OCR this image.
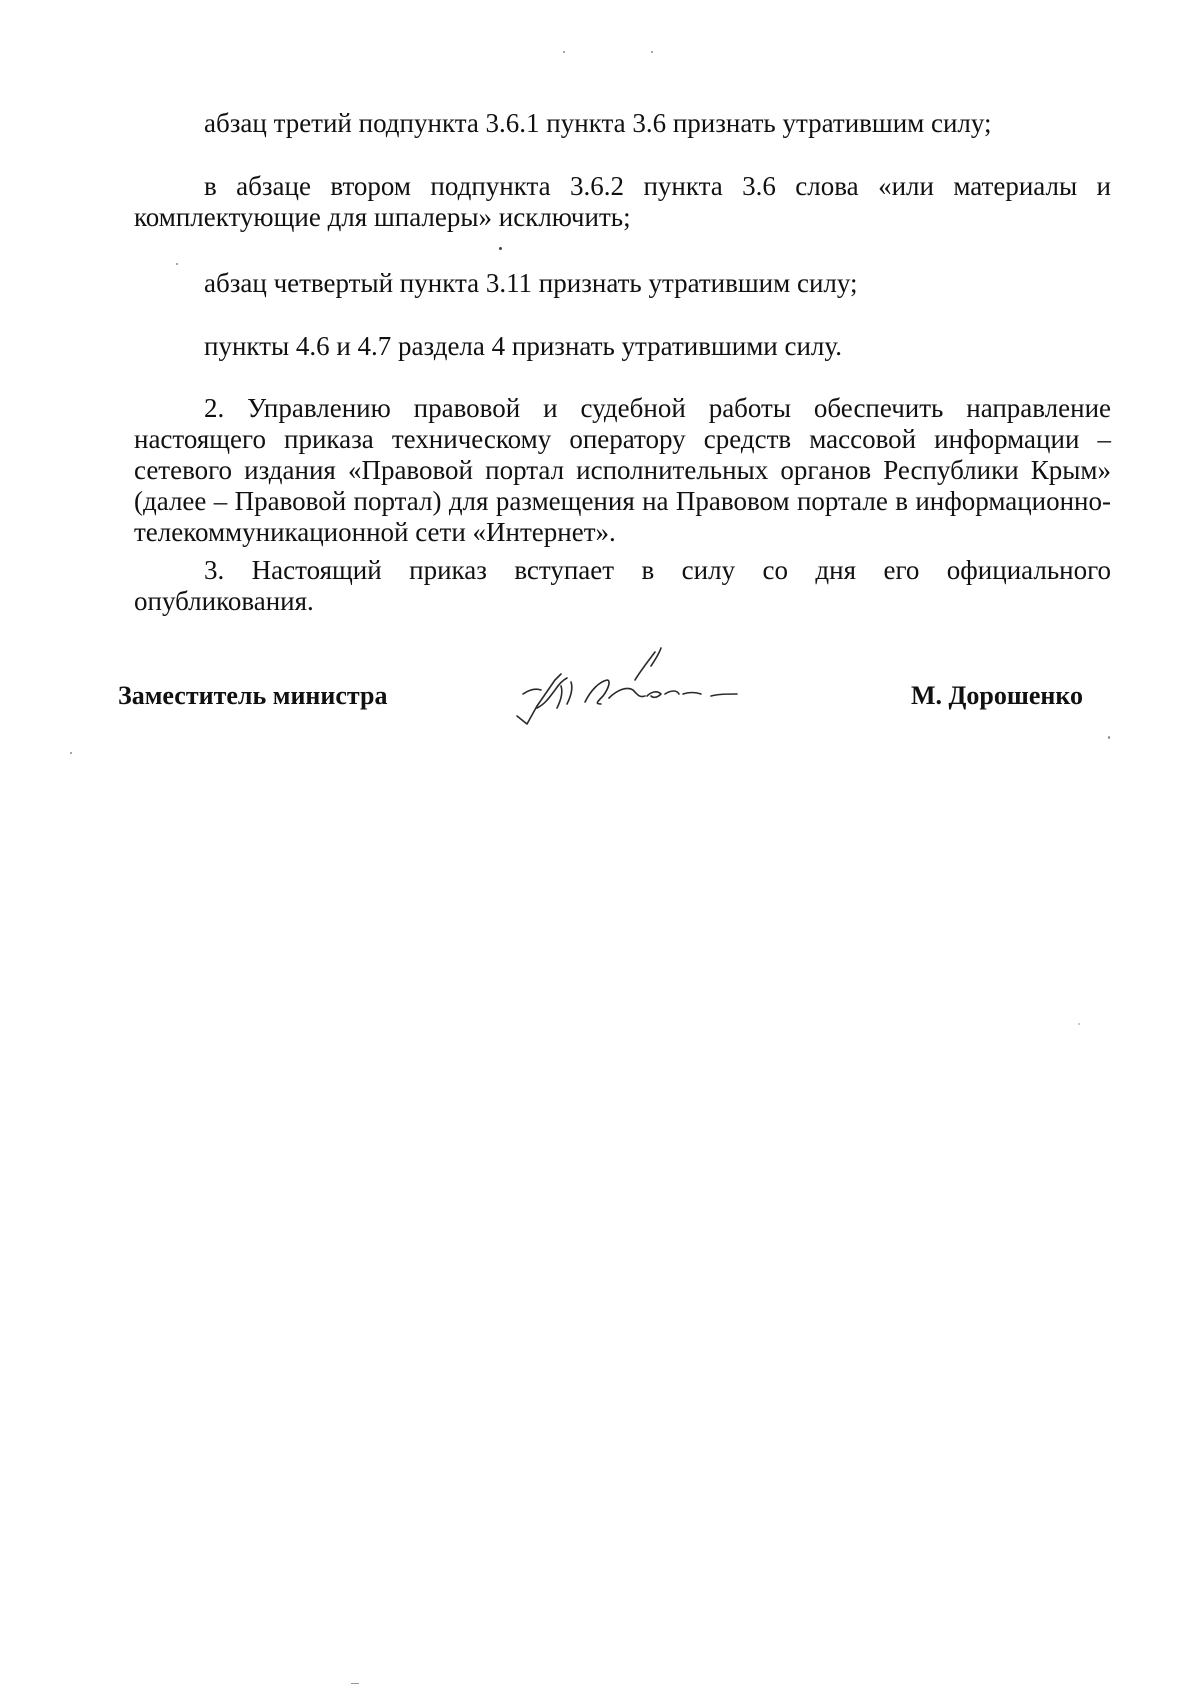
абзац третий подпункта 3.6.1 пункта 3.6 признать утратившим силу;

в абзаце втором подпункта 3.6.2 пункта 3.6 слова «или материалы и комплектующие для шпалеры» исключить;

абзац четвертый пункта 3.11 признать утратившим силу;

пункты 4.6 и 4.7 раздела 4 признать утратившими силу.

2. Управлению правовой и судебной работы обеспечить направление настоящего приказа техническому оператору средств массовой информации – сетевого издания «Правовой портал исполнительных органов Республики Крым» (далее – Правовой портал) для размещения на Правовом портале в информационно-телекоммуникационной сети «Интернет».

3. Настоящий приказ вступает в силу со дня его официального опубликования.

Заместитель министра	М. Дорошенко
